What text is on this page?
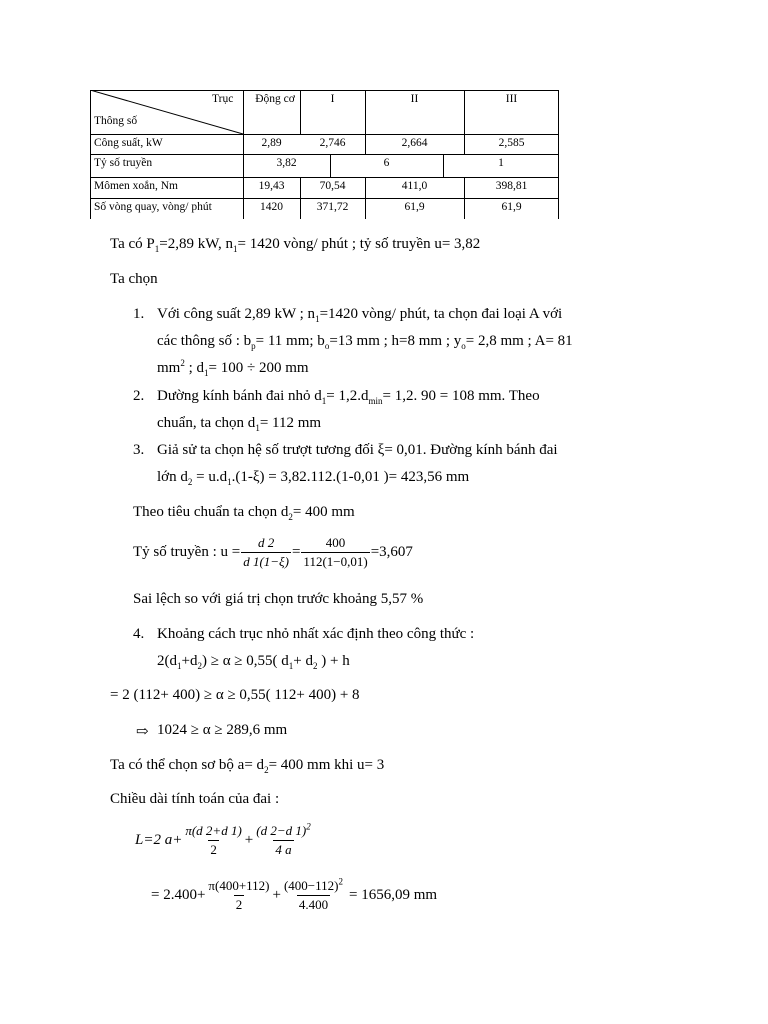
Trục
Thông số
Động cơ	I	II	III
Công suất, kW	2,89	2,746	2,664	2,585
Tỷ số truyền	3,82	6	1
Mômen xoắn, Nm	19,43	70,54	411,0	398,81
Số vòng quay, vòng/ phút	1420	371,72	61,9	61,9
Ta có $P_1=2,89$ kW, $n_1= 1420$ vòng/ phút ; tỷ số truyền u= 3,82
Ta chọn
1. Với công suất 2,89 kW ; $n_1=1420$ vòng/ phút, ta chọn đai loại A với
các thông số : $b_p= 11$ mm; $b_o=13$ mm ; h=8 mm ; $y_o= 2,8$ mm ; A= 81
$mm^2$ ; $d_1= 100 \div 200$ mm
2. Dường kính bánh đai nhỏ $d_1= 1,2.d_{min}= 1,2$. 90 = 108 mm. Theo
chuẩn, ta chọn $d_1= 112$ mm
3. Giả sử ta chọn hệ số trượt tương đối ξ= 0,01. Đường kính bánh đai
lớn $d_2 = u.d_1.(1-\xi) = 3,82.112.(1-0,01$ )= 423,56 mm
Theo tiêu chuẩn ta chọn $d_2= 400$ mm
Tỷ số truyền : $u = \frac{d 2}{d 1(1-\xi)} = \frac{400}{112(1-0,01)} =3,607$
Sai lệch so với giá trị chọn trước khoảng 5,57 %
4. Khoảng cách trục nhỏ nhất xác định theo công thức :
$2(d_1+d_2) \ge \alpha \ge 0,55$( $d_1+ d_2$ ) + h
= 2 (112+ 400) ≥ α ≥ 0,55( 112+ 400) + 8
⇨ 1024 ≥ α ≥ 289,6 mm
Ta có thể chọn sơ bộ $a= d_2= 400$ mm khi u= 3
Chiều dài tính toán của đai :
L=2 $a+ \frac{\pi(d 2+d 1)}{2} + \frac{(d 2-d 1)^2}{4 a}$
= $2.400+ \frac{\pi(400+112)}{2} + \frac{(400-112)^2}{4.400} = 1656,09$ mm
